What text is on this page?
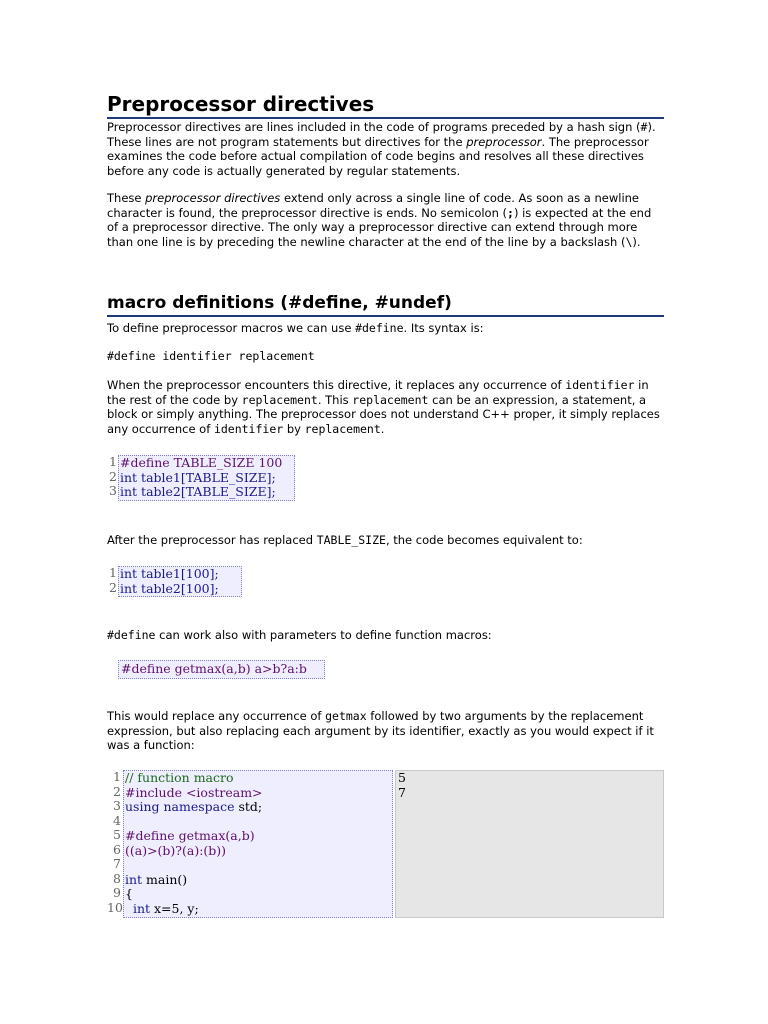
Preprocessor directives

Preprocessor directives are lines included in the code of programs preceded by a hash sign (#). These lines are not program statements but directives for the preprocessor. The preprocessor examines the code before actual compilation of code begins and resolves all these directives before any code is actually generated by regular statements.

These preprocessor directives extend only across a single line of code. As soon as a newline character is found, the preprocessor directive is ends. No semicolon (;) is expected at the end of a preprocessor directive. The only way a preprocessor directive can extend through more than one line is by preceding the newline character at the end of the line by a backslash (\).

macro definitions (#define, #undef)

To define preprocessor macros we can use #define. Its syntax is:

#define identifier replacement

When the preprocessor encounters this directive, it replaces any occurrence of identifier in the rest of the code by replacement. This replacement can be an expression, a statement, a block or simply anything. The preprocessor does not understand C++ proper, it simply replaces any occurrence of identifier by replacement.

1
2
3
#define TABLE_SIZE 100
int table1[TABLE_SIZE];
int table2[TABLE_SIZE];

After the preprocessor has replaced TABLE_SIZE, the code becomes equivalent to:

1
2
int table1[100];
int table2[100];

#define can work also with parameters to define function macros:

#define getmax(a,b) a>b?a:b

This would replace any occurrence of getmax followed by two arguments by the replacement expression, but also replacing each argument by its identifier, exactly as you would expect if it was a function:

1
2
3
4
5
6
7
8
9
10
// function macro
#include <iostream>
using namespace std;

#define getmax(a,b)
((a)>(b)?(a):(b))

int main()
{
int x=5, y;
5
7
